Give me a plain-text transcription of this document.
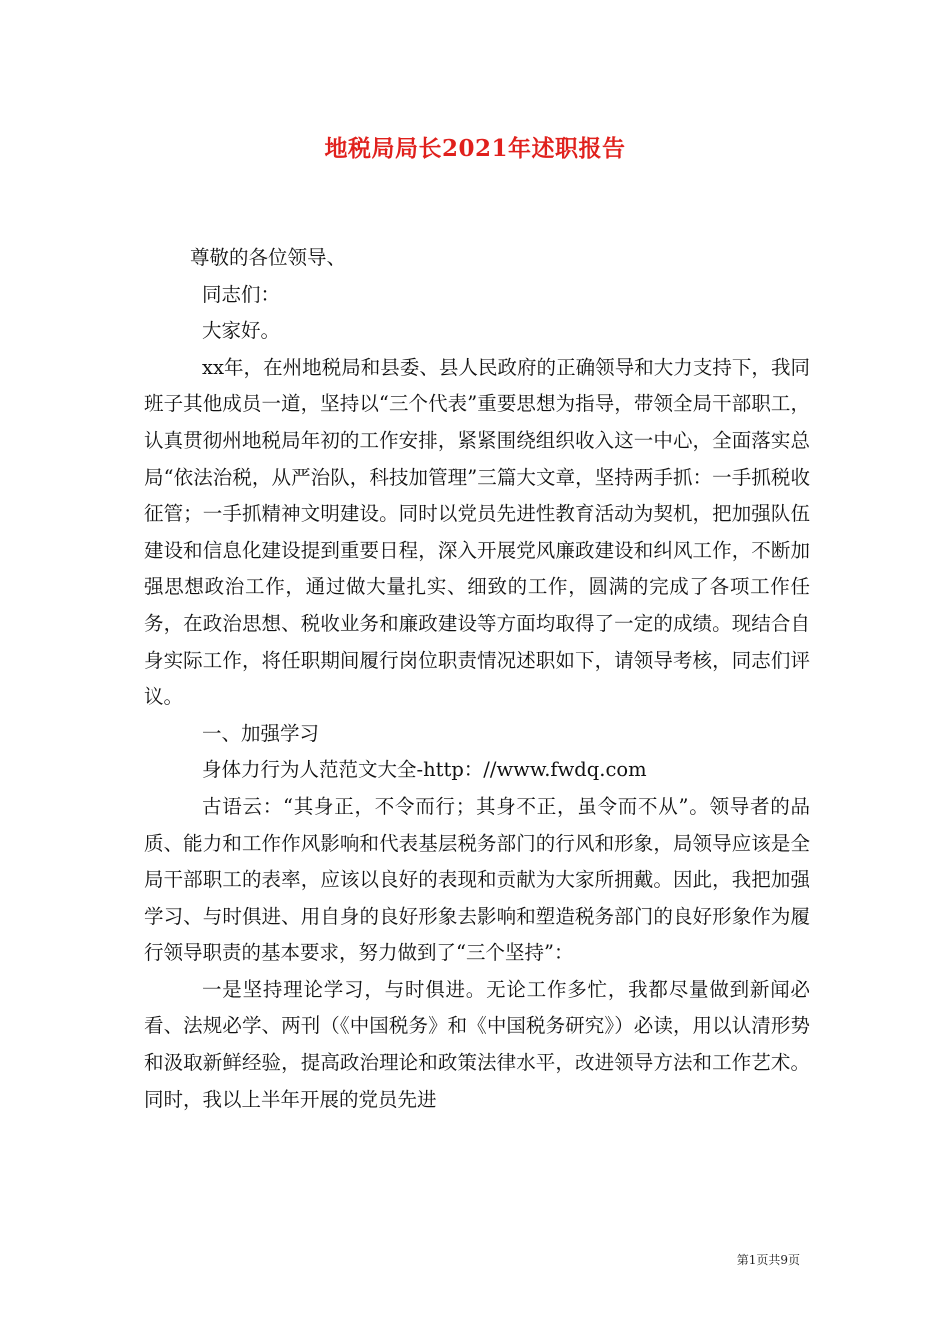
地税局局长2021年述职报告

尊敬的各位领导、

同志们：

大家好。

xx年，在州地税局和县委、县人民政府的正确领导和大力支持下，我同班子其他成员一道，坚持以“三个代表”重要思想为指导，带领全局干部职工，认真贯彻州地税局年初的工作安排，紧紧围绕组织收入这一中心，全面落实总局“依法治税，从严治队，科技加管理”三篇大文章，坚持两手抓：一手抓税收征管；一手抓精神文明建设。同时以党员先进性教育活动为契机，把加强队伍建设和信息化建设提到重要日程，深入开展党风廉政建设和纠风工作，不断加强思想政治工作，通过做大量扎实、细致的工作，圆满的完成了各项工作任务，在政治思想、税收业务和廉政建设等方面均取得了一定的成绩。现结合自身实际工作，将任职期间履行岗位职责情况述职如下，请领导考核，同志们评议。

一、加强学习

身体力行为人范范文大全-http：//www.fwdq.com

古语云：“其身正，不令而行；其身不正，虽令而不从”。领导者的品质、能力和工作作风影响和代表基层税务部门的行风和形象，局领导应该是全局干部职工的表率，应该以良好的表现和贡献为大家所拥戴。因此，我把加强学习、与时俱进、用自身的良好形象去影响和塑造税务部门的良好形象作为履行领导职责的基本要求，努力做到了“三个坚持”：

一是坚持理论学习，与时俱进。无论工作多忙，我都尽量做到新闻必看、法规必学、两刊（《中国税务》和《中国税务研究》）必读，用以认清形势和汲取新鲜经验，提高政治理论和政策法律水平，改进领导方法和工作艺术。同时，我以上半年开展的党员先进

第1页共9页
